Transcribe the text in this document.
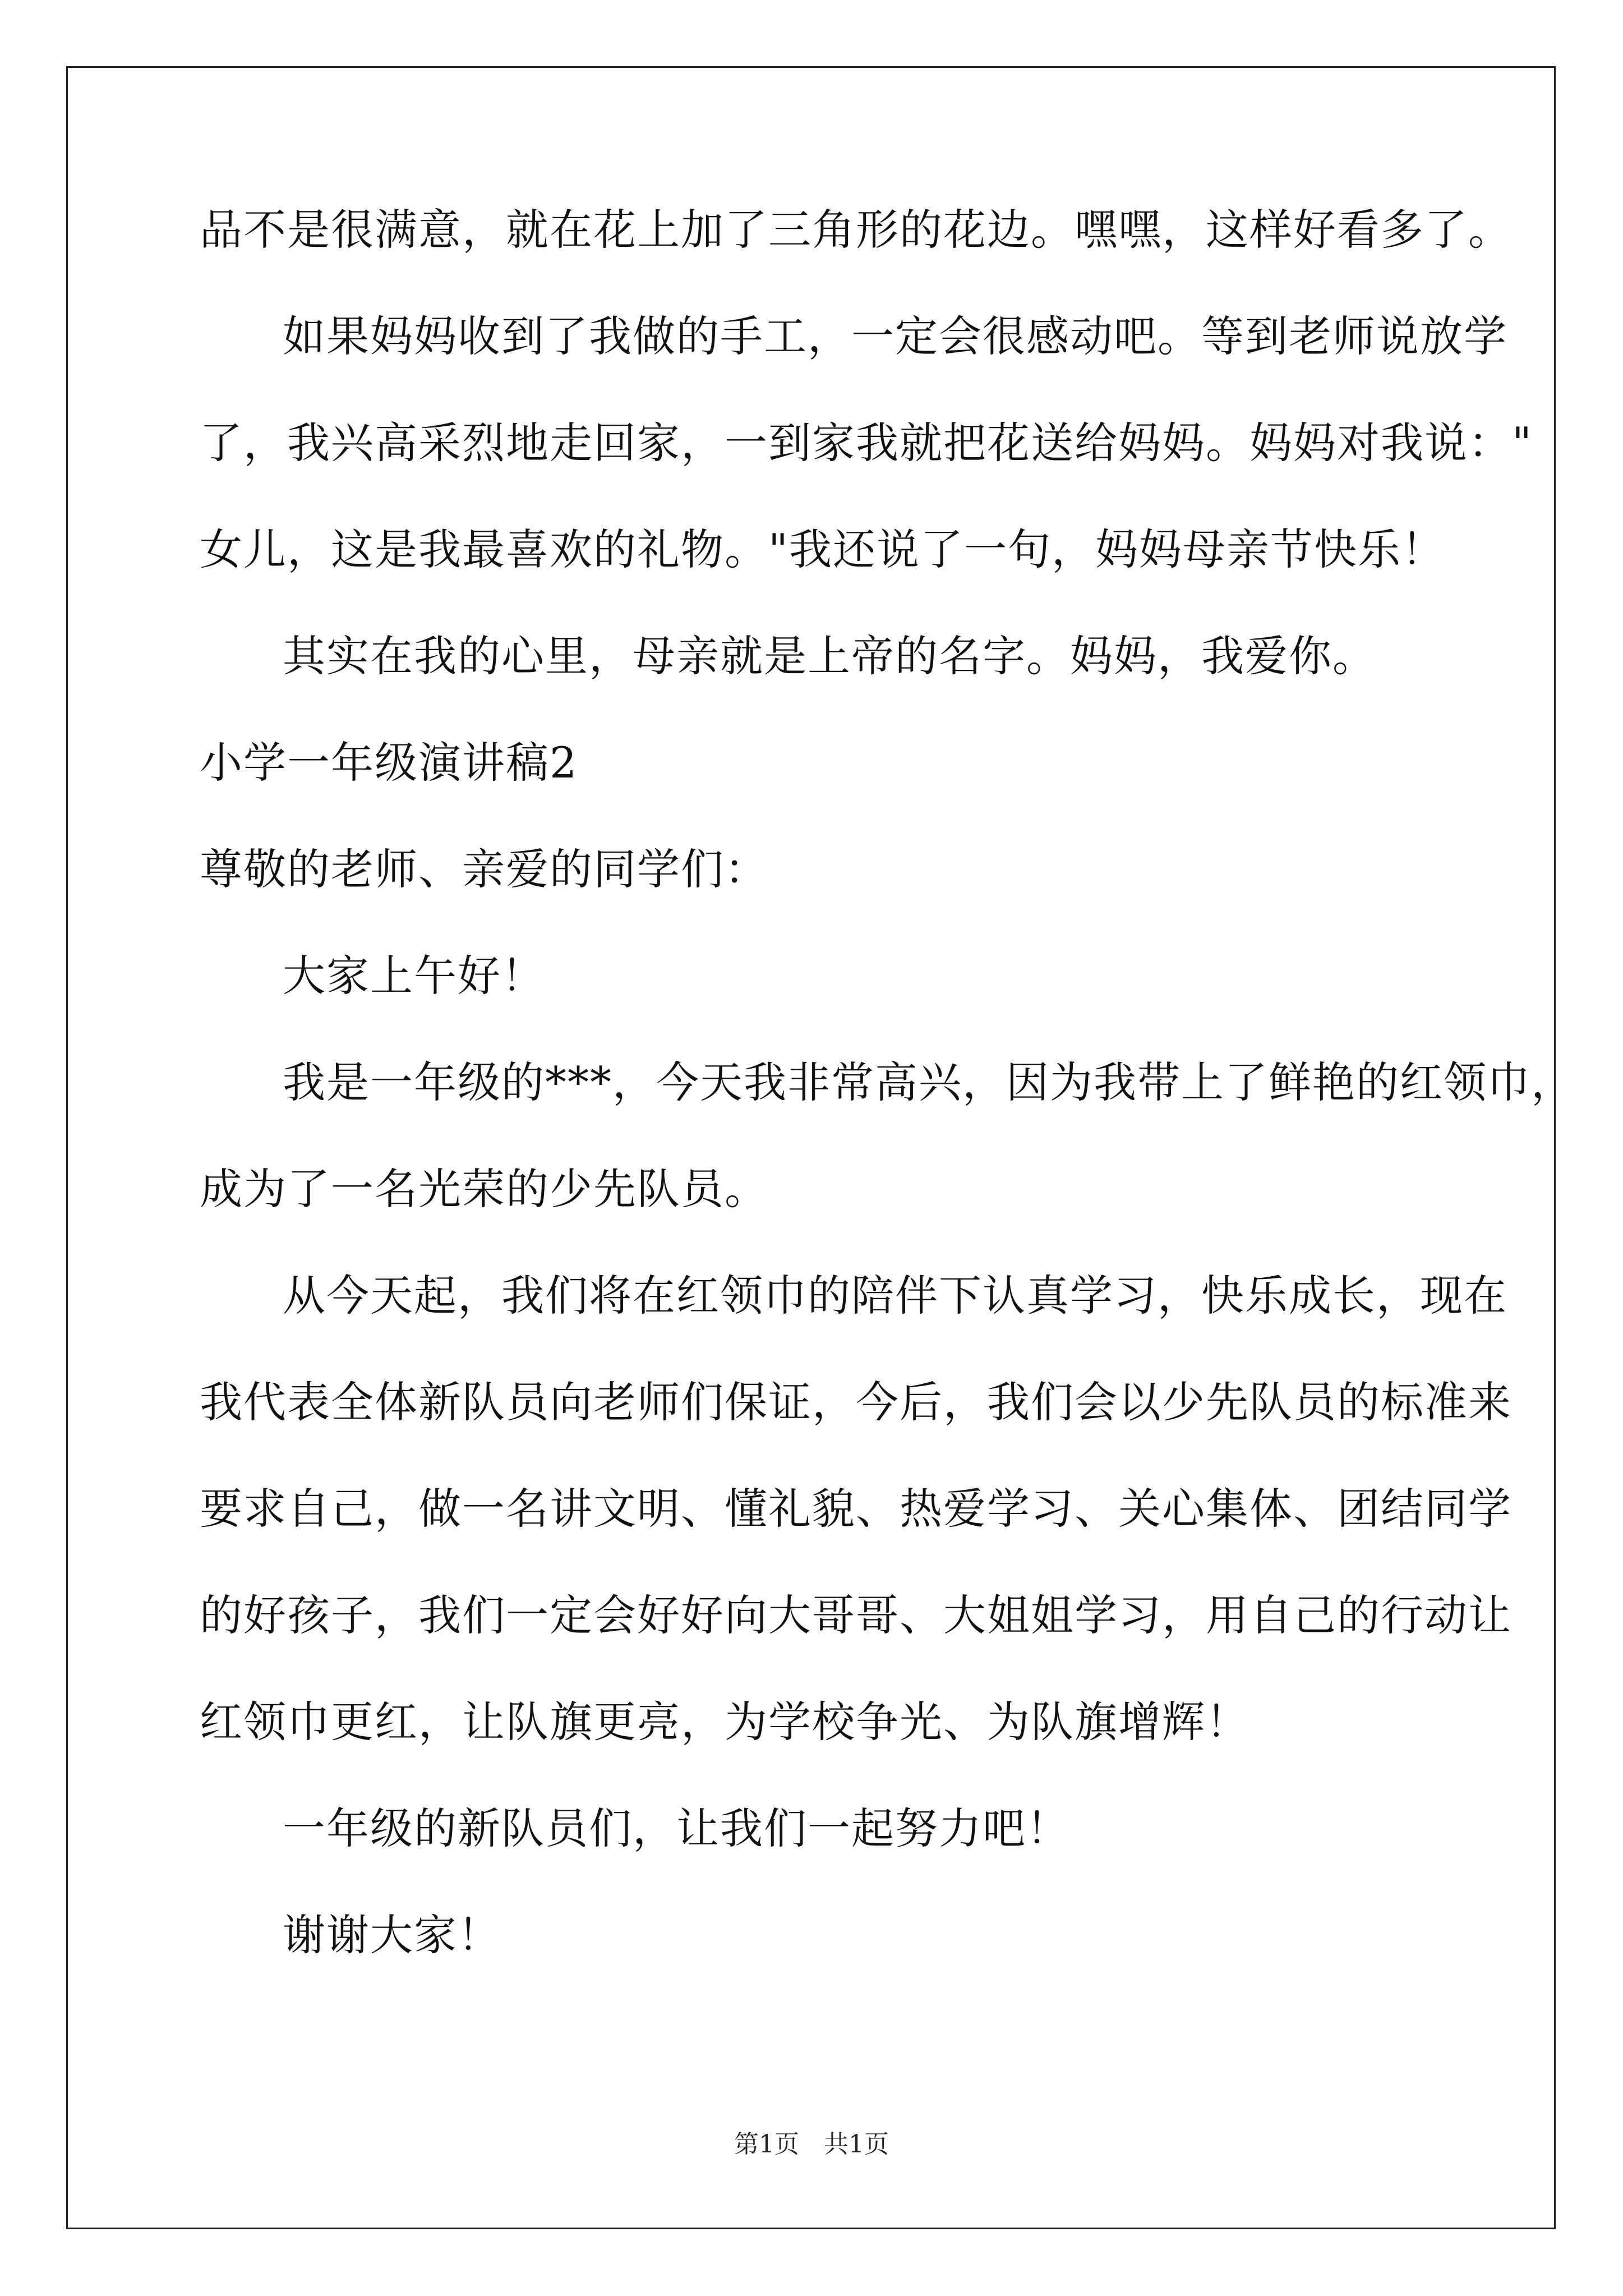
品不是很满意，就在花上加了三角形的花边。嘿嘿，这样好看多了。
如果妈妈收到了我做的手工，一定会很感动吧。等到老师说放学
了，我兴高采烈地走回家，一到家我就把花送给妈妈。妈妈对我说："
女儿，这是我最喜欢的礼物。"我还说了一句，妈妈母亲节快乐！
其实在我的心里，母亲就是上帝的名字。妈妈，我爱你。
小学一年级演讲稿2
尊敬的老师、亲爱的同学们：
大家上午好！
我是一年级的***，今天我非常高兴，因为我带上了鲜艳的红领巾，
成为了一名光荣的少先队员。
从今天起，我们将在红领巾的陪伴下认真学习，快乐成长，现在
我代表全体新队员向老师们保证，今后，我们会以少先队员的标准来
要求自己，做一名讲文明、懂礼貌、热爱学习、关心集体、团结同学
的好孩子，我们一定会好好向大哥哥、大姐姐学习，用自己的行动让
红领巾更红，让队旗更亮，为学校争光、为队旗增辉！
一年级的新队员们，让我们一起努力吧！
谢谢大家！
第1页 共1页
